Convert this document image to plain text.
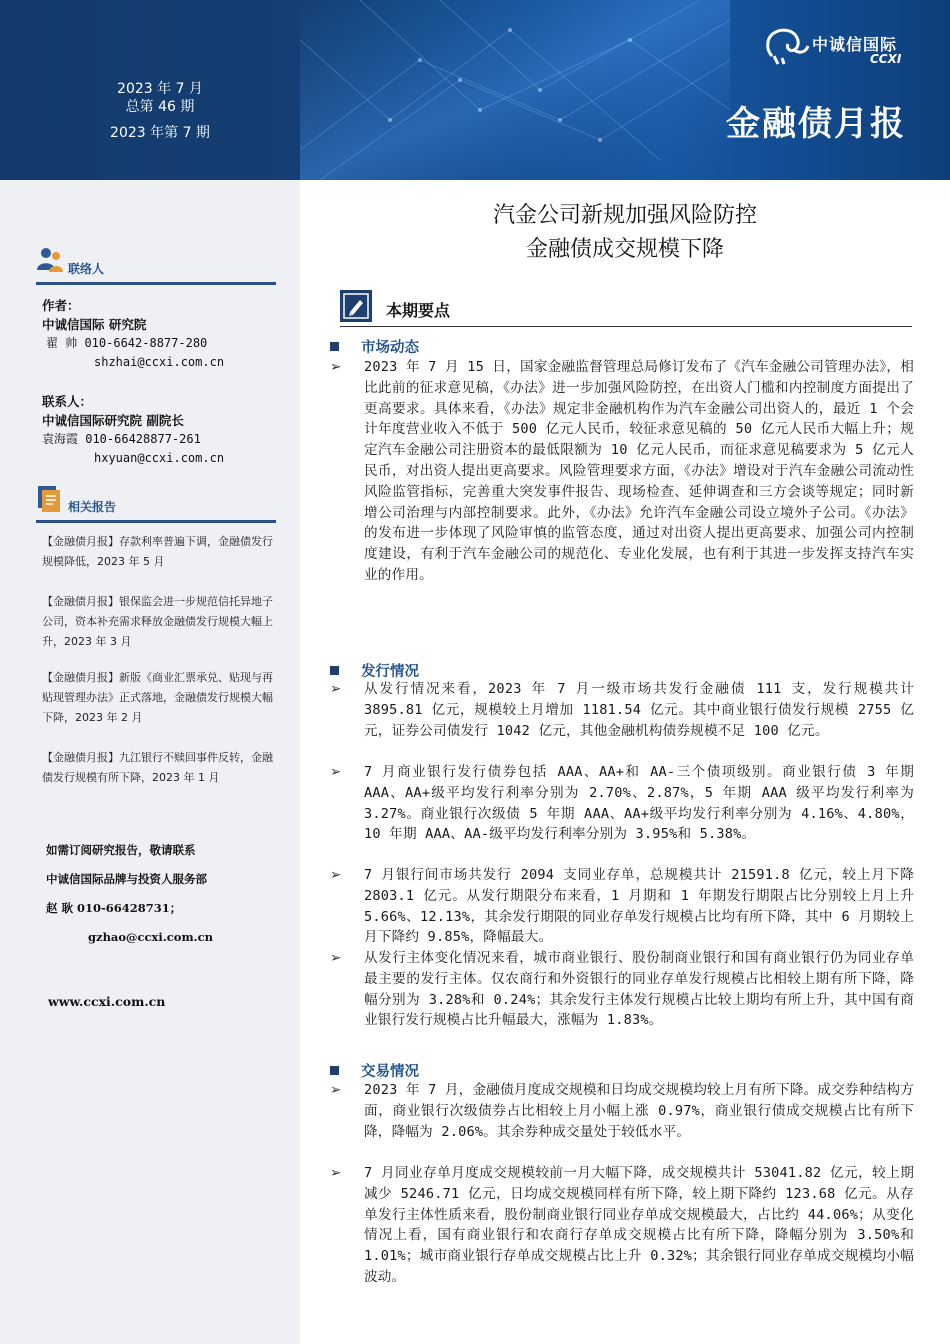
2023 年 7 月
总第 46 期
2023 年第 7 期
中诚信国际
CCXI
金融债月报
联络人
作者：
中诚信国际 研究院
翟 帅 010-6642-8877-280
shzhai@ccxi.com.cn
联系人：
中诚信国际研究院 副院长
袁海霞 010-66428877-261
hxyuan@ccxi.com.cn
相关报告
【金融债月报】存款利率普遍下调，金融债发行规模降低，2023 年 5 月
【金融债月报】银保监会进一步规范信托异地子公司，资本补充需求释放金融债发行规模大幅上升，2023 年 3 月
【金融债月报】新版《商业汇票承兑、贴现与再贴现管理办法》正式落地，金融债发行规模大幅下降，2023 年 2 月
【金融债月报】九江银行不赎回事件反转，金融债发行规模有所下降，2023 年 1 月
如需订阅研究报告，敬请联系
中诚信国际品牌与投资人服务部
赵 耿 010-66428731；
gzhao@ccxi.com.cn
www.ccxi.com.cn
汽金公司新规加强风险防控
金融债成交规模下降
本期要点
市场动态
➢ 2023 年 7 月 15 日，国家金融监督管理总局修订发布了《汽车金融公司管理办法》，相比此前的征求意见稿，《办法》进一步加强风险防控，在出资人门槛和内控制度方面提出了更高要求。具体来看，《办法》规定非金融机构作为汽车金融公司出资人的，最近 1 个会计年度营业收入不低于 500 亿元人民币，较征求意见稿的 50 亿元人民币大幅上升；规定汽车金融公司注册资本的最低限额为 10 亿元人民币，而征求意见稿要求为 5 亿元人民币，对出资人提出更高要求。风险管理要求方面，《办法》增设对于汽车金融公司流动性风险监管指标，完善重大突发事件报告、现场检查、延伸调查和三方会谈等规定；同时新增公司治理与内部控制要求。此外，《办法》允许汽车金融公司设立境外子公司。《办法》的发布进一步体现了风险审慎的监管态度，通过对出资人提出更高要求、加强公司内控制度建设，有利于汽车金融公司的规范化、专业化发展，也有利于其进一步发挥支持汽车实业的作用。
发行情况
➢ 从发行情况来看，2023 年 7 月一级市场共发行金融债 111 支，发行规模共计 3895.81 亿元，规模较上月增加 1181.54 亿元。其中商业银行债发行规模 2755 亿元，证券公司债发行 1042 亿元，其他金融机构债券规模不足 100 亿元。
➢ 7 月商业银行发行债券包括 AAA、AA+和 AA-三个债项级别。商业银行债 3 年期 AAA、AA+级平均发行利率分别为 2.70%、2.87%，5 年期 AAA 级平均发行利率为 3.27%。商业银行次级债 5 年期 AAA、AA+级平均发行利率分别为 4.16%、4.80%，10 年期 AAA、AA-级平均发行利率分别为 3.95%和 5.38%。
➢ 7 月银行间市场共发行 2094 支同业存单，总规模共计 21591.8 亿元，较上月下降 2803.1 亿元。从发行期限分布来看，1 月期和 1 年期发行期限占比分别较上月上升 5.66%、12.13%，其余发行期限的同业存单发行规模占比均有所下降，其中 6 月期较上月下降约 9.85%，降幅最大。
➢ 从发行主体变化情况来看，城市商业银行、股份制商业银行和国有商业银行仍为同业存单最主要的发行主体。仅农商行和外资银行的同业存单发行规模占比相较上期有所下降，降幅分别为 3.28%和 0.24%；其余发行主体发行规模占比较上期均有所上升，其中国有商业银行发行规模占比升幅最大，涨幅为 1.83%。
交易情况
➢ 2023 年 7 月，金融债月度成交规模和日均成交规模均较上月有所下降。成交券种结构方面，商业银行次级债券占比相较上月小幅上涨 0.97%，商业银行债成交规模占比有所下降，降幅为 2.06%。其余券种成交量处于较低水平。
➢ 7 月同业存单月度成交规模较前一月大幅下降，成交规模共计 53041.82 亿元，较上期减少 5246.71 亿元，日均成交规模同样有所下降，较上期下降约 123.68 亿元。从存单发行主体性质来看，股份制商业银行同业存单成交规模最大，占比约 44.06%；从变化情况上看，国有商业银行和农商行存单成交规模占比有所下降，降幅分别为 3.50%和 1.01%；城市商业银行存单成交规模占比上升 0.32%；其余银行同业存单成交规模均小幅波动。
